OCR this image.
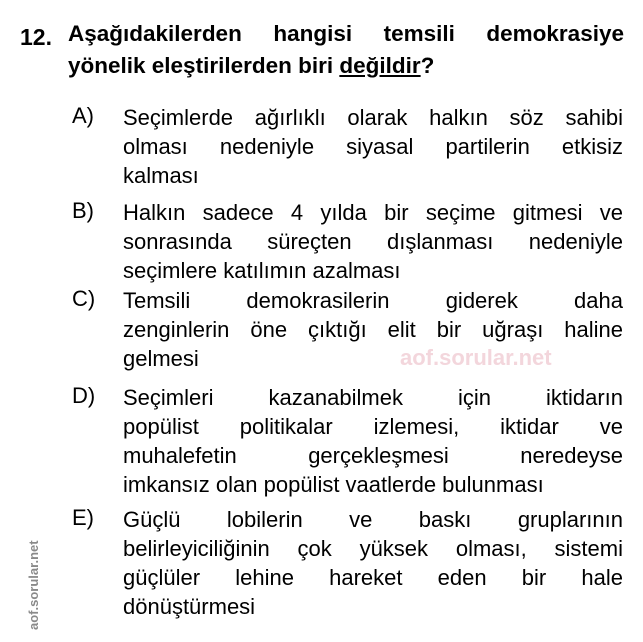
12. Aşağıdakilerden hangisi temsili demokrasiye
yönelik eleştirilerden biri değildir?
A) Seçimlerde ağırlıklı olarak halkın söz sahibi
olması nedeniyle siyasal partilerin etkisiz
kalması
B) Halkın sadece 4 yılda bir seçime gitmesi ve
sonrasında süreçten dışlanması nedeniyle
seçimlere katılımın azalması
C) Temsili demokrasilerin giderek daha
zenginlerin öne çıktığı elit bir uğraşı haline
gelmesi
D) Seçimleri kazanabilmek için iktidarın
popülist politikalar izlemesi, iktidar ve
muhalefetin gerçekleşmesi neredeyse
imkansız olan popülist vaatlerde bulunması
E) Güçlü lobilerin ve baskı gruplarının
belirleyiciliğinin çok yüksek olması, sistemi
güçlüler lehine hareket eden bir hale
dönüştürmesi
aof.sorular.net
aof.sorular.net
